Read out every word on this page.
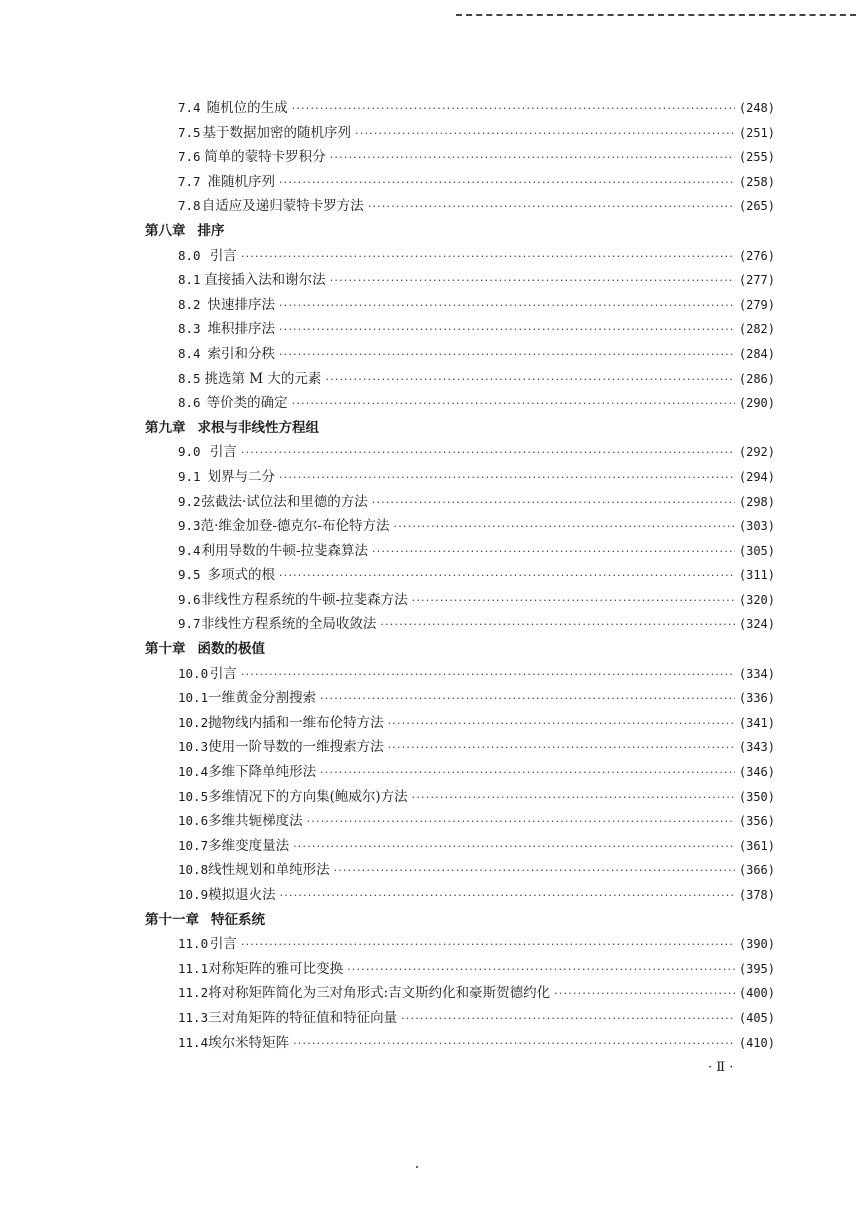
7.4 随机位的生成 ·····	(248)
7.5 基于数据加密的随机序列 ·····	(251)
7.6 简单的蒙特卡罗积分 ·····	(255)
7.7 准随机序列 ·····	(258)
7.8 自适应及递归蒙特卡罗方法 ·····	(265)
第八章 排序
8.0 引言 ·····	(276)
8.1 直接插入法和谢尔法 ·····	(277)
8.2 快速排序法 ·····	(279)
8.3 堆积排序法 ·····	(282)
8.4 索引和分秩 ·····	(284)
8.5 挑选第 M 大的元素 ·····	(286)
8.6 等价类的确定 ·····	(290)
第九章 求根与非线性方程组
9.0 引言 ·····	(292)
9.1 划界与二分 ·····	(294)
9.2 弦截法·试位法和里德的方法 ·····	(298)
9.3 范·维金加登-德克尔-布伦特方法 ·····	(303)
9.4 利用导数的牛顿-拉斐森算法 ·····	(305)
9.5 多项式的根 ·····	(311)
9.6 非线性方程系统的牛顿-拉斐森方法 ·····	(320)
9.7 非线性方程系统的全局收敛法 ·····	(324)
第十章 函数的极值
10.0 引言 ·····	(334)
10.1 一维黄金分割搜索 ·····	(336)
10.2 抛物线内插和一维布伦特方法 ·····	(341)
10.3 使用一阶导数的一维搜索方法 ·····	(343)
10.4 多维下降单纯形法 ·····	(346)
10.5 多维情况下的方向集(鲍威尔)方法 ·····	(350)
10.6 多维共轭梯度法 ·····	(356)
10.7 多维变度量法 ·····	(361)
10.8 线性规划和单纯形法 ·····	(366)
10.9 模拟退火法 ·····	(378)
第十一章 特征系统
11.0 引言 ·····	(390)
11.1 对称矩阵的雅可比变换 ·····	(395)
11.2 将对称矩阵简化为三对角形式:吉文斯约化和豪斯贺德约化 ·····	(400)
11.3 三对角矩阵的特征值和特征向量 ·····	(405)
11.4 埃尔米特矩阵 ·····	(410)
· Ⅱ ·
